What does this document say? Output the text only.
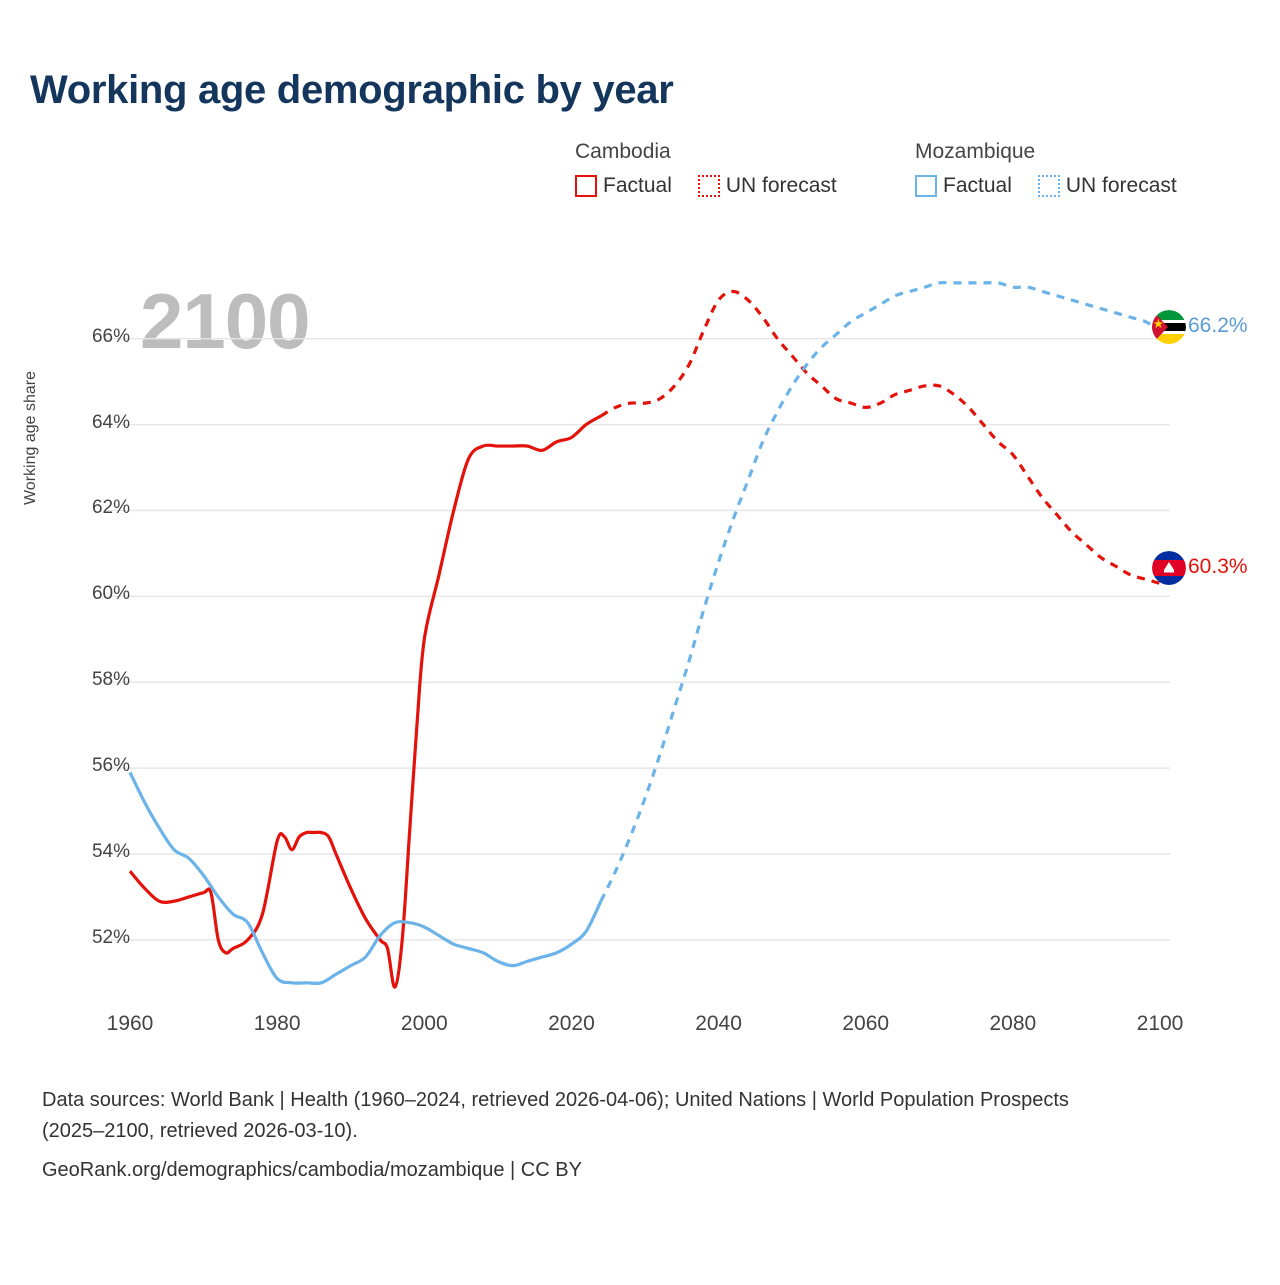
Working age demographic by year
Cambodia	Mozambique
Factual	UN forecast	Factual	UN forecast
2100
Working age share
52%
54%
56%
58%
60%
62%
64%
66%
1960	1980	2000	2020	2040	2060	2080	2100
66.2%
60.3%
Data sources: World Bank | Health (1960–2024, retrieved 2026-04-06); United Nations | World Population Prospects (2025–2100, retrieved 2026-03-10).
GeoRank.org/demographics/cambodia/mozambique | CC BY
